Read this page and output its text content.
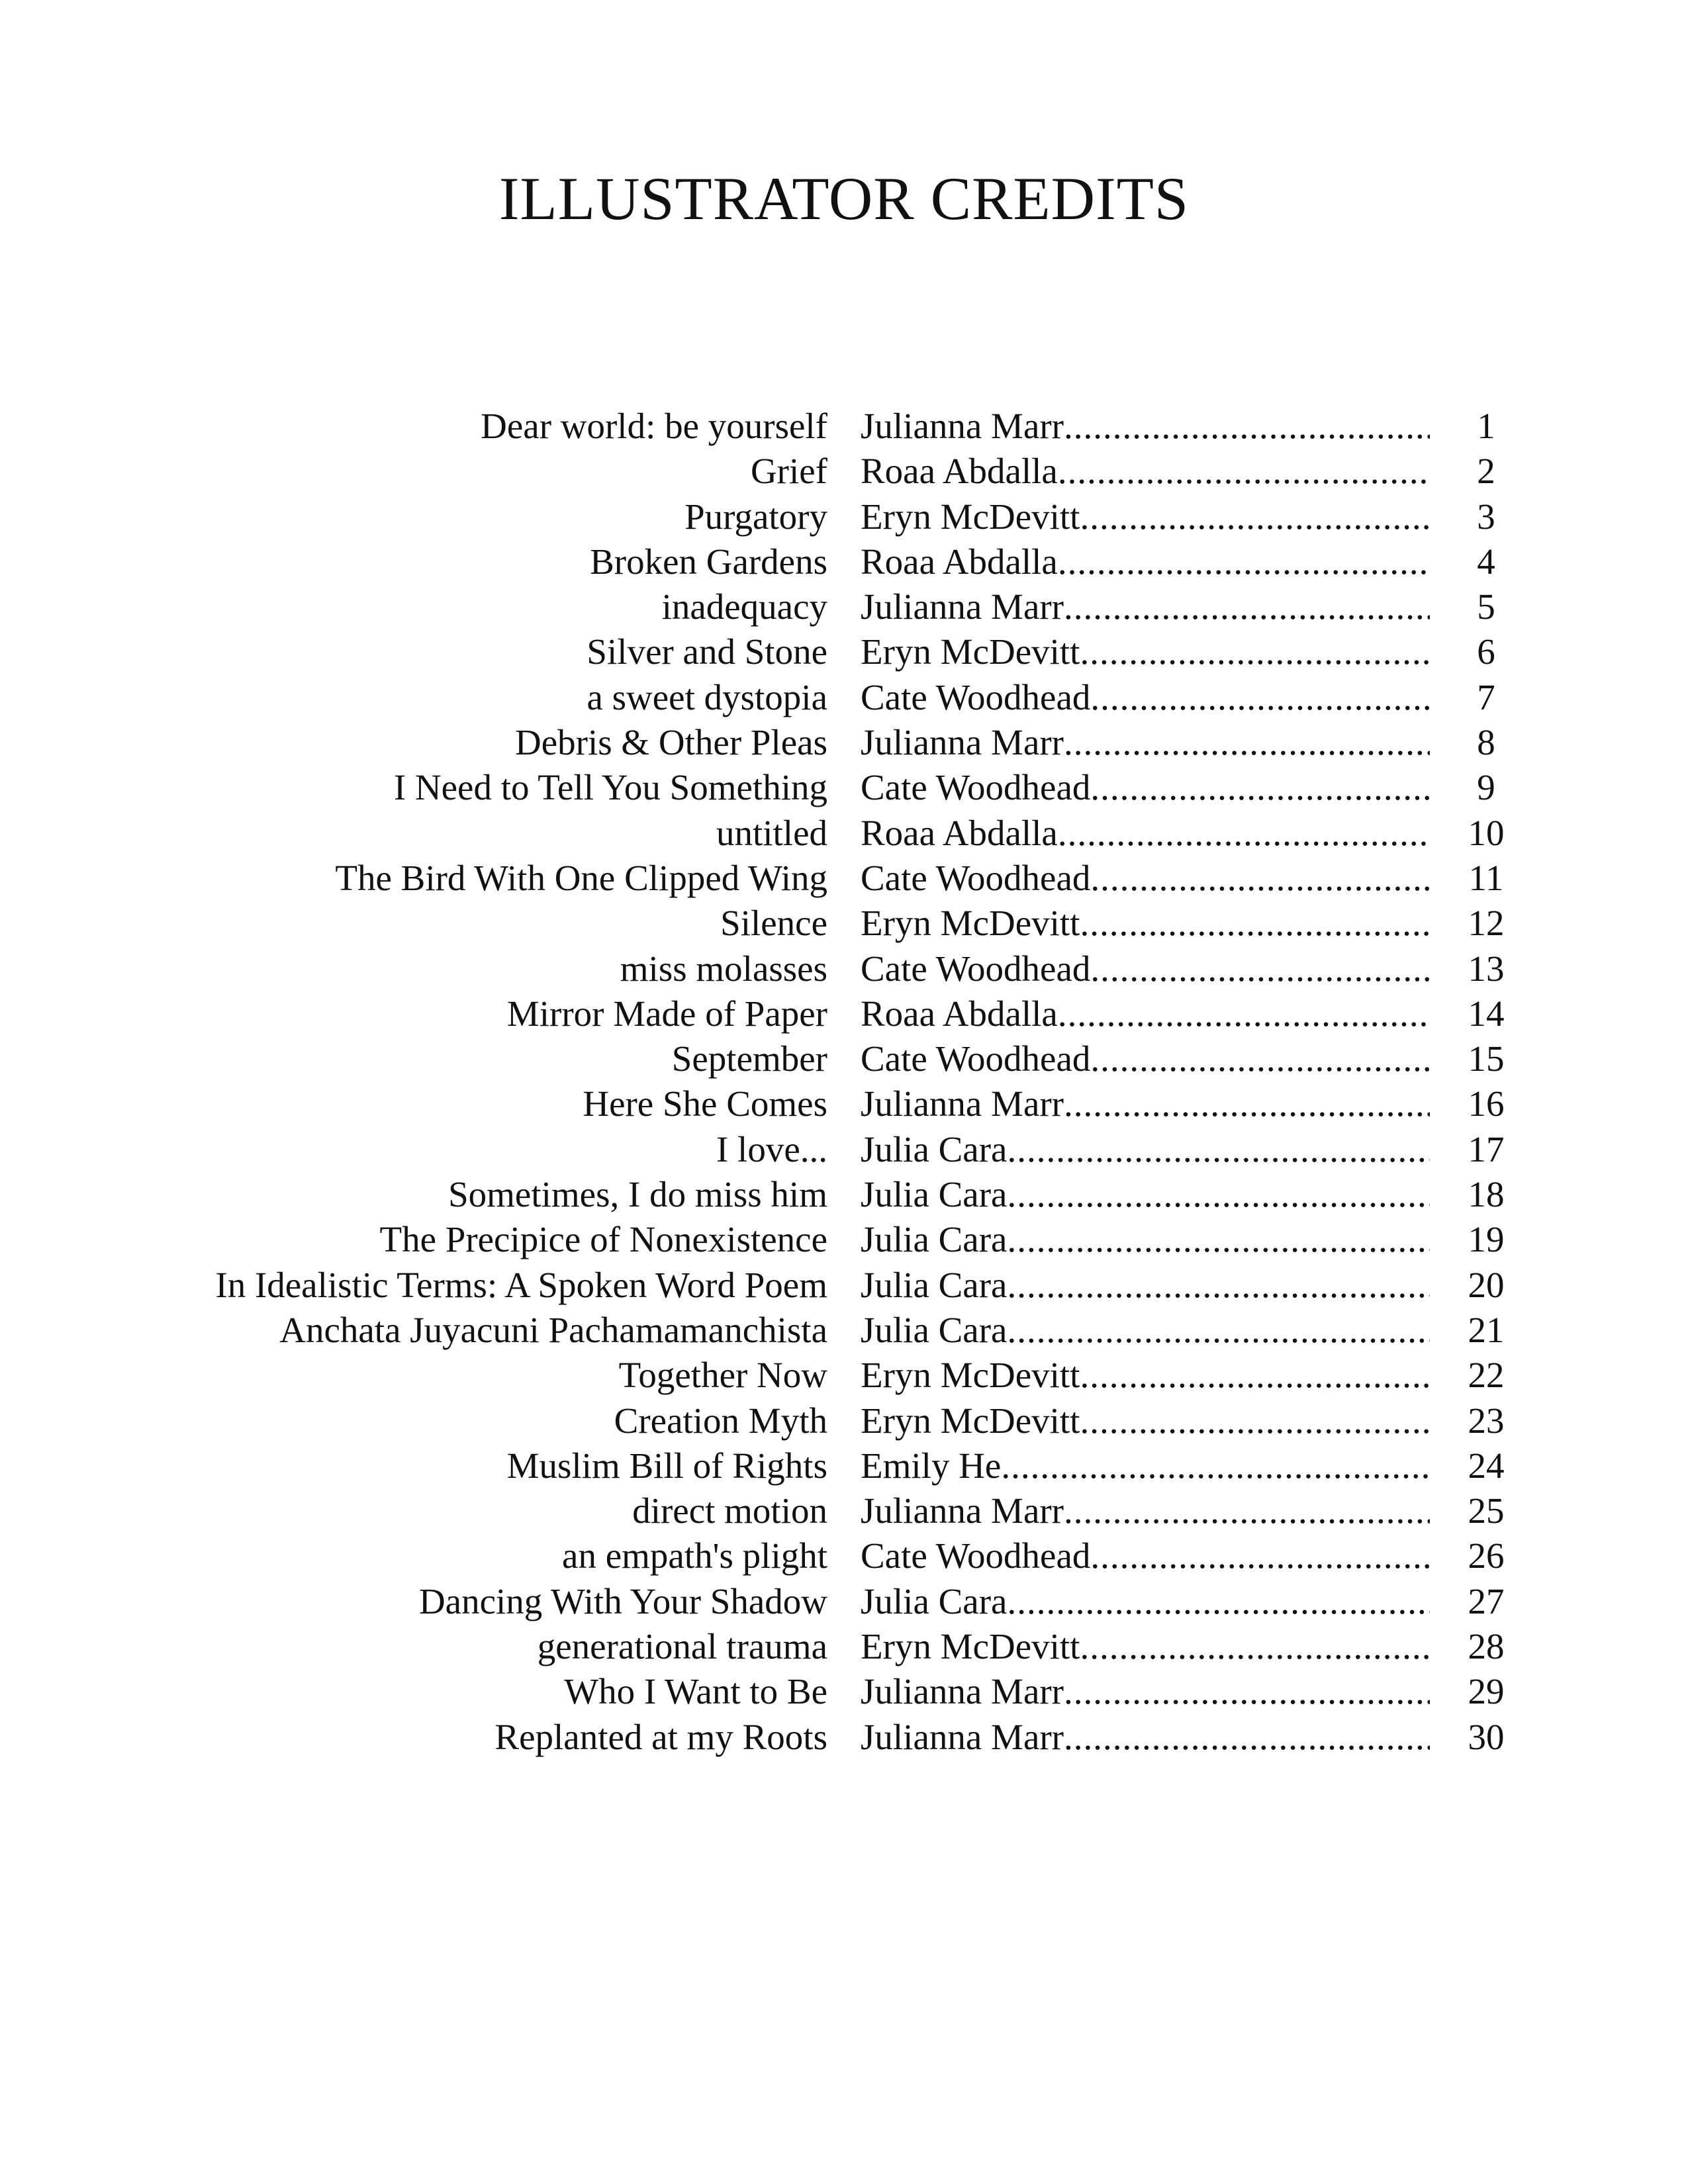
ILLUSTRATOR CREDITS
Dear world: be yourself Julianna Marr .....	1
Grief Roaa Abdalla .....	2
Purgatory Eryn McDevitt .....	3
Broken Gardens Roaa Abdalla .....	4
inadequacy Julianna Marr .....	5
Silver and Stone Eryn McDevitt .....	6
a sweet dystopia Cate Woodhead .....	7
Debris & Other Pleas Julianna Marr .....	8
I Need to Tell You Something Cate Woodhead .....	9
untitled Roaa Abdalla .....	10
The Bird With One Clipped Wing Cate Woodhead .....	11
Silence Eryn McDevitt .....	12
miss molasses Cate Woodhead .....	13
Mirror Made of Paper Roaa Abdalla .....	14
September Cate Woodhead .....	15
Here She Comes Julianna Marr .....	16
I love... Julia Cara .....	17
Sometimes, I do miss him Julia Cara .....	18
The Precipice of Nonexistence Julia Cara .....	19
In Idealistic Terms: A Spoken Word Poem Julia Cara .....	20
Anchata Juyacuni Pachamamanchista Julia Cara .....	21
Together Now Eryn McDevitt .....	22
Creation Myth Eryn McDevitt .....	23
Muslim Bill of Rights Emily He .....	24
direct motion Julianna Marr .....	25
an empath's plight Cate Woodhead .....	26
Dancing With Your Shadow Julia Cara .....	27
generational trauma Eryn McDevitt .....	28
Who I Want to Be Julianna Marr .....	29
Replanted at my Roots Julianna Marr .....	30
